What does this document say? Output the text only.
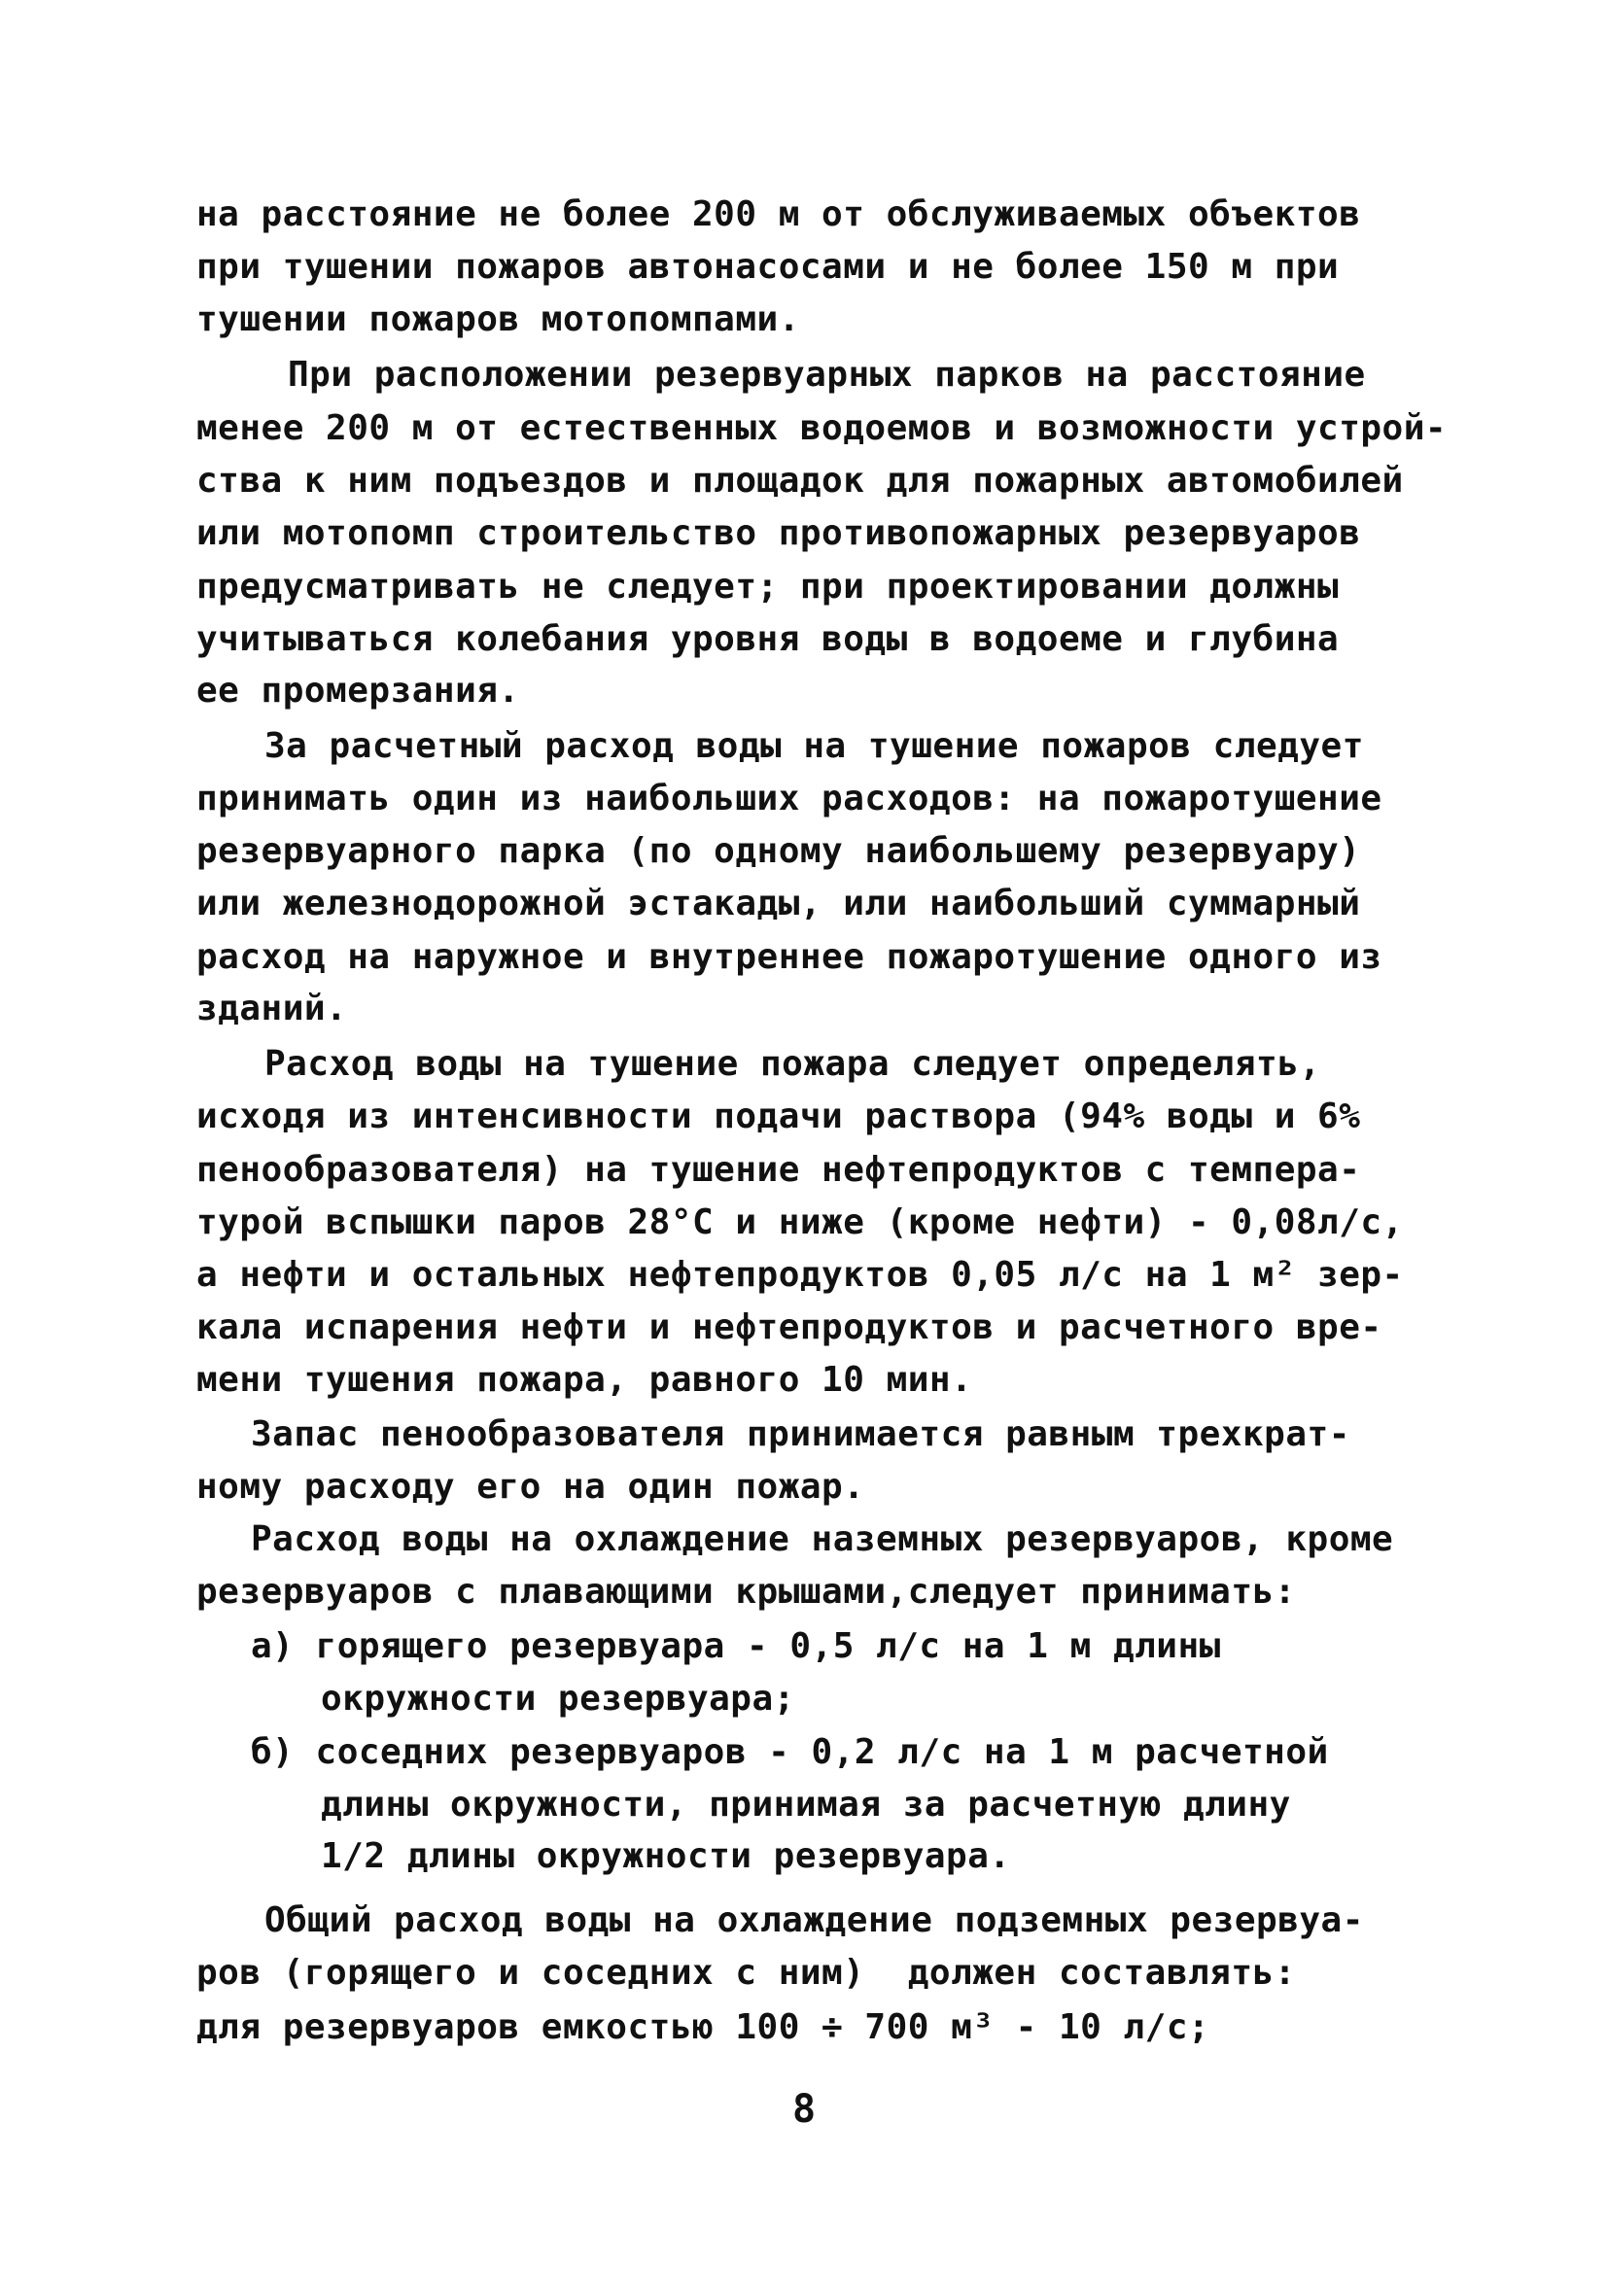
на расстояние не более 200 м от обслуживаемых объектов
при тушении пожаров автонасосами и не более 150 м при
тушении пожаров мотопомпами.
При расположении резервуарных парков на расстояние
менее 200 м от естественных водоемов и возможности устрой-
ства к ним подъездов и площадок для пожарных автомобилей
или мотопомп строительство противопожарных резервуаров
предусматривать не следует; при проектировании должны
учитываться колебания уровня воды в водоеме и глубина
ее промерзания.
За расчетный расход воды на тушение пожаров следует
принимать один из наибольших расходов: на пожаротушение
резервуарного парка (по одному наибольшему резервуару)
или железнодорожной эстакады, или наибольший суммарный
расход на наружное и внутреннее пожаротушение одного из
зданий.
Расход воды на тушение пожара следует определять,
исходя из интенсивности подачи раствора (94% воды и 6%
пенообразователя) на тушение нефтепродуктов с темпера-
турой вспышки паров 28°С и ниже (кроме нефти) - 0,08л/с,
а нефти и остальных нефтепродуктов 0,05 л/с на 1 м² зер-
кала испарения нефти и нефтепродуктов и расчетного вре-
мени тушения пожара, равного 10 мин.
Запас пенообразователя принимается равным трехкрат-
ному расходу его на один пожар.
Расход воды на охлаждение наземных резервуаров, кроме
резервуаров с плавающими крышами,следует принимать:
а) горящего резервуара - 0,5 л/с на 1 м длины
окружности резервуара;
б) соседних резервуаров - 0,2 л/с на 1 м расчетной
длины окружности, принимая за расчетную длину
1/2 длины окружности резервуара.
Общий расход воды на охлаждение подземных резервуа-
ров (горящего и соседних с ним)  должен составлять:
для резервуаров емкостью 100 ÷ 700 м³ - 10 л/с;
8
